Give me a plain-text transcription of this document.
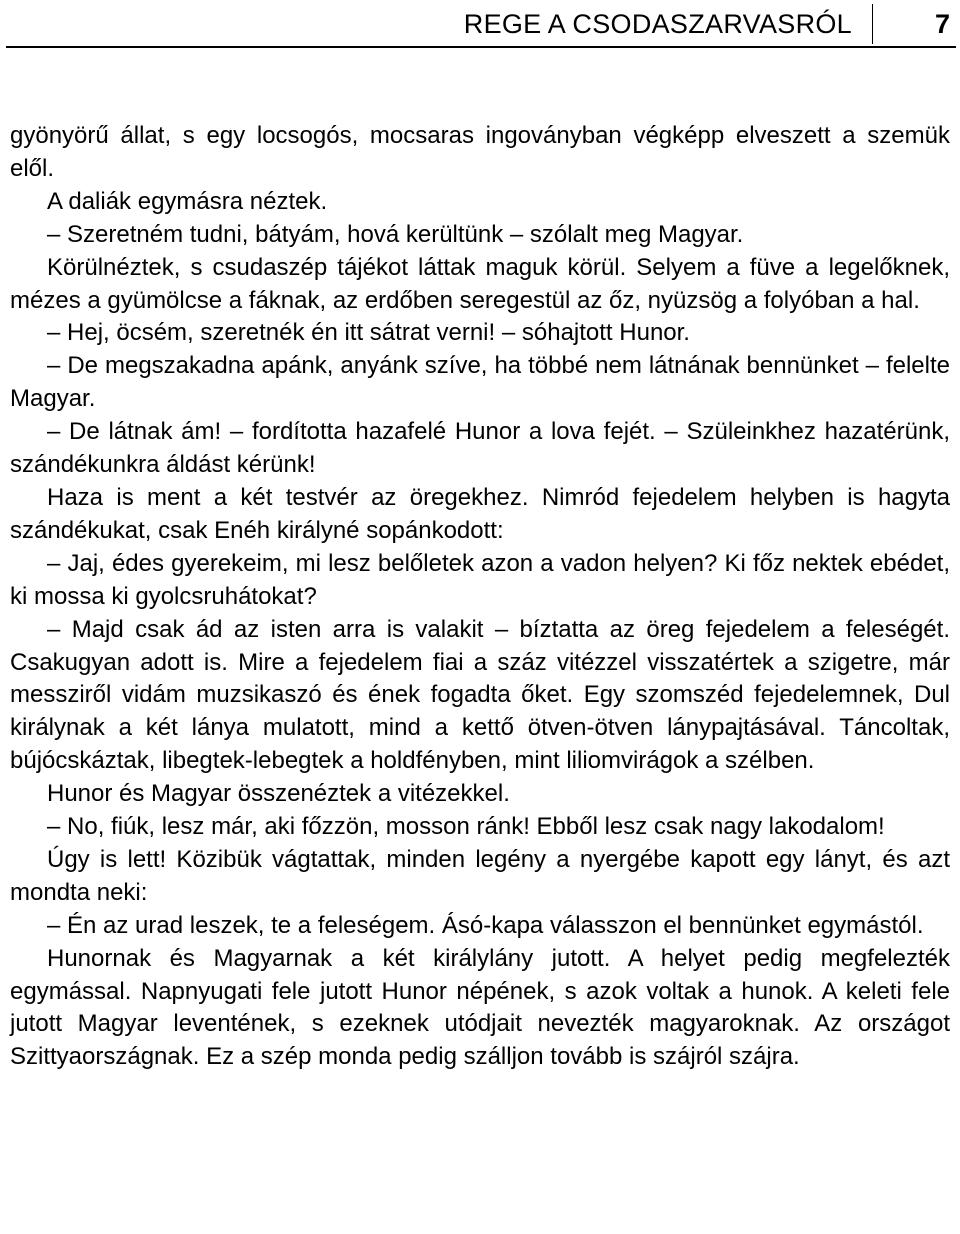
REGE A CSODASZARVASRÓL	7

gyönyörű állat, s egy locsogós, mocsaras ingoványban végképp elveszett a szemük elől.

A daliák egymásra néztek.

– Szeretném tudni, bátyám, hová kerültünk – szólalt meg Magyar.

Körülnéztek, s csudaszép tájékot láttak maguk körül. Selyem a füve a legelőknek, mézes a gyümölcse a fáknak, az erdőben seregestül az őz, nyüzsög a folyóban a hal.

– Hej, öcsém, szeretnék én itt sátrat verni! – sóhajtott Hunor.

– De megszakadna apánk, anyánk szíve, ha többé nem látnának bennünket – felelte Magyar.

– De látnak ám! – fordította hazafelé Hunor a lova fejét. – Szüleinkhez hazatérünk, szándékunkra áldást kérünk!

Haza is ment a két testvér az öregekhez. Nimród fejedelem helyben is hagyta szándékukat, csak Enéh királyné sopánkodott:

– Jaj, édes gyerekeim, mi lesz belőletek azon a vadon helyen? Ki főz nektek ebédet, ki mossa ki gyolcsruhátokat?

– Majd csak ád az isten arra is valakit – bíztatta az öreg fejedelem a feleségét. Csakugyan adott is. Mire a fejedelem fiai a száz vitézzel visszatértek a szigetre, már messziről vidám muzsikaszó és ének fogadta őket. Egy szomszéd fejedelemnek, Dul királynak a két lánya mulatott, mind a kettő ötven-ötven lánypajtásával. Táncoltak, bújócskáztak, libegtek-lebegtek a holdfényben, mint liliomvirágok a szélben.

Hunor és Magyar összenéztek a vitézekkel.

– No, fiúk, lesz már, aki főzzön, mosson ránk! Ebből lesz csak nagy lakodalom!

Úgy is lett! Közibük vágtattak, minden legény a nyergébe kapott egy lányt, és azt mondta neki:

– Én az urad leszek, te a feleségem. Ásó-kapa válasszon el bennünket egymástól.

Hunornak és Magyarnak a két királylány jutott. A helyet pedig megfelezték egymással. Napnyugati fele jutott Hunor népének, s azok voltak a hunok. A keleti fele jutott Magyar leventének, s ezeknek utódjait nevezték magyaroknak. Az országot Szittyaországnak. Ez a szép monda pedig szálljon tovább is szájról szájra.
